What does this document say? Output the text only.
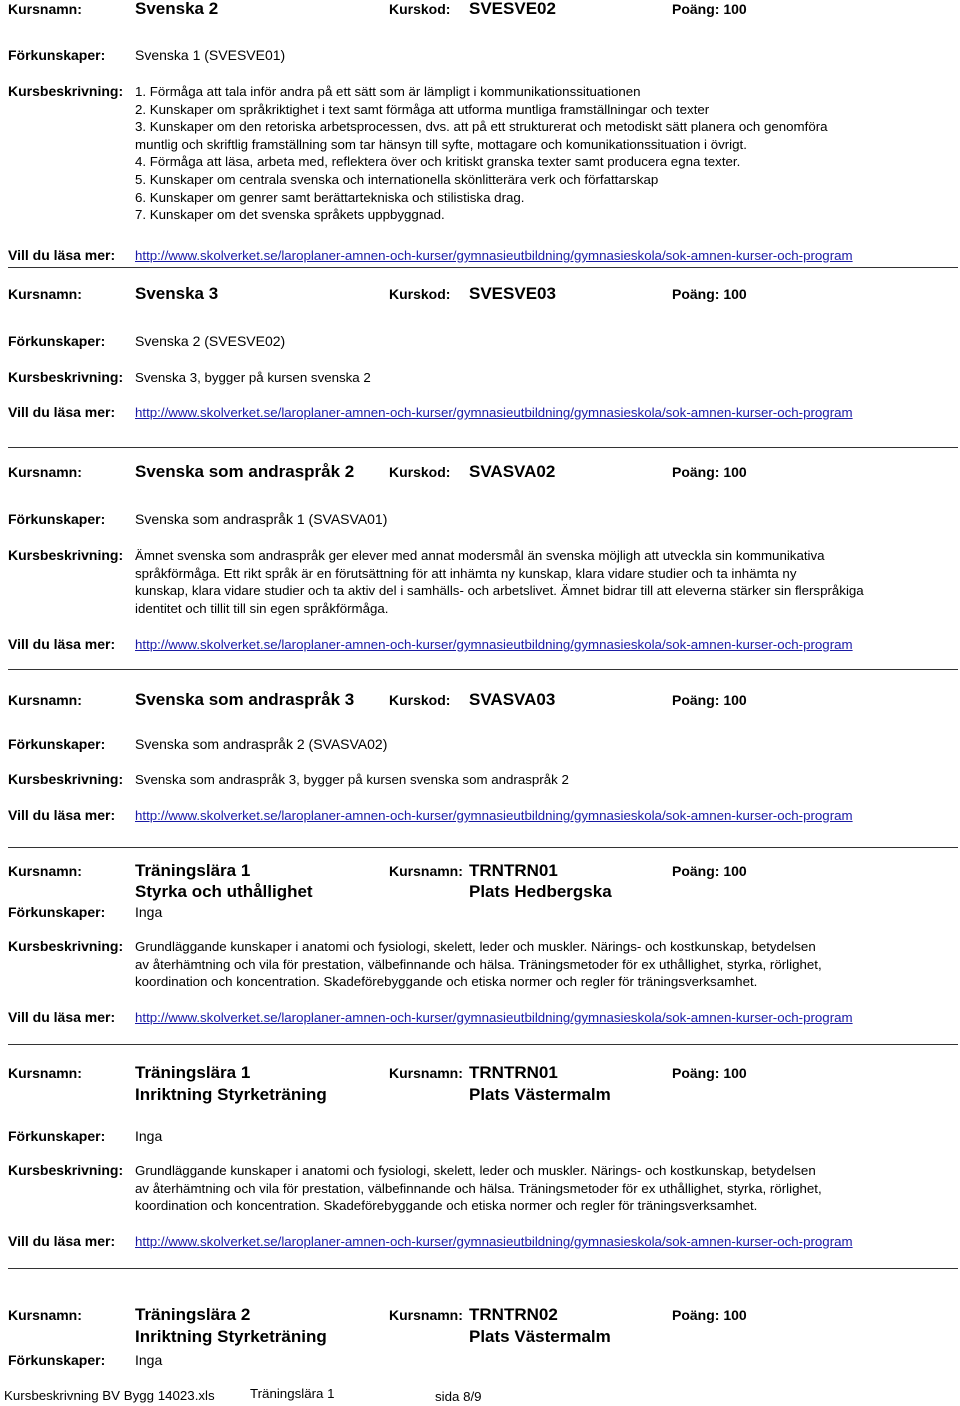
Kursnamn:	Svenska 2	Kurskod: SVESVE02	Poäng: 100
Förkunskaper: Svenska 1 (SVESVE01)
Kursbeskrivning: 1. Förmåga att tala inför andra på ett sätt som är lämpligt i kommunikationssituationen
2. Kunskaper om språkriktighet i text samt förmåga att utforma muntliga framställningar och texter
3. Kunskaper om den retoriska arbetsprocessen, dvs. att på ett strukturerat och metodiskt sätt planera och genomföra
muntlig och skriftlig framställning som tar hänsyn till syfte, mottagare och komunikationssituation i övrigt.
4. Förmåga att läsa, arbeta med, reflektera över och kritiskt granska texter samt producera egna texter.
5. Kunskaper om centrala svenska och internationella skönlitterära verk och författarskap
6. Kunskaper om genrer samt berättartekniska och stilistiska drag.
7. Kunskaper om det svenska språkets uppbyggnad.
Vill du läsa mer: http://www.skolverket.se/laroplaner-amnen-och-kurser/gymnasieutbildning/gymnasieskola/sok-amnen-kurser-och-program
Kursnamn:	Svenska 3	Kurskod: SVESVE03	Poäng: 100
Förkunskaper: Svenska 2 (SVESVE02)
Kursbeskrivning: Svenska 3, bygger på kursen svenska 2
Vill du läsa mer: http://www.skolverket.se/laroplaner-amnen-och-kurser/gymnasieutbildning/gymnasieskola/sok-amnen-kurser-och-program
Kursnamn:	Svenska som andraspråk 2 Kurskod: SVASVA02	Poäng: 100
Förkunskaper: Svenska som andraspråk 1 (SVASVA01)
Kursbeskrivning: Ämnet svenska som andraspråk ger elever med annat modersmål än svenska möjligh att utveckla sin kommunikativa
språkförmåga. Ett rikt språk är en förutsättning för att inhämta ny kunskap, klara vidare studier och ta inhämta ny
kunskap, klara vidare studier och ta aktiv del i samhälls- och arbetslivet. Ämnet bidrar till att eleverna stärker sin flerspråkiga
identitet och tillit till sin egen språkförmåga.
Vill du läsa mer: http://www.skolverket.se/laroplaner-amnen-och-kurser/gymnasieutbildning/gymnasieskola/sok-amnen-kurser-och-program
Kursnamn:	Svenska som andraspråk 3 Kurskod: SVASVA03	Poäng: 100
Förkunskaper: Svenska som andraspråk 2 (SVASVA02)
Kursbeskrivning: Svenska som andraspråk 3, bygger på kursen svenska som andraspråk 2
Vill du läsa mer: http://www.skolverket.se/laroplaner-amnen-och-kurser/gymnasieutbildning/gymnasieskola/sok-amnen-kurser-och-program
Kursnamn:	Träningslära 1
Styrka och uthållighet
Kursnamn: TRNTRN01
Plats Hedbergska
Poäng: 100
Förkunskaper: Inga
Kursbeskrivning: Grundläggande kunskaper i anatomi och fysiologi, skelett, leder och muskler. Närings- och kostkunskap, betydelsen
av återhämtning och vila för prestation, välbefinnande och hälsa. Träningsmetoder för ex uthållighet, styrka, rörlighet,
koordination och koncentration. Skadeförebyggande och etiska normer och regler för träningsverksamhet.
Vill du läsa mer: http://www.skolverket.se/laroplaner-amnen-och-kurser/gymnasieutbildning/gymnasieskola/sok-amnen-kurser-och-program
Kursnamn:	Träningslära 1
Inriktning Styrketräning
Kursnamn: TRNTRN01
Plats Västermalm
Poäng: 100
Förkunskaper: Inga
Kursbeskrivning: Grundläggande kunskaper i anatomi och fysiologi, skelett, leder och muskler. Närings- och kostkunskap, betydelsen
av återhämtning och vila för prestation, välbefinnande och hälsa. Träningsmetoder för ex uthållighet, styrka, rörlighet,
koordination och koncentration. Skadeförebyggande och etiska normer och regler för träningsverksamhet.
Vill du läsa mer: http://www.skolverket.se/laroplaner-amnen-och-kurser/gymnasieutbildning/gymnasieskola/sok-amnen-kurser-och-program
Kursnamn:	Träningslära 2
Inriktning Styrketräning
Kursnamn: TRNTRN02
Plats Västermalm
Poäng: 100
Förkunskaper: Inga
Kursbeskrivning BV Bygg 14023.xls	Träningslära 1	sida 8/9
